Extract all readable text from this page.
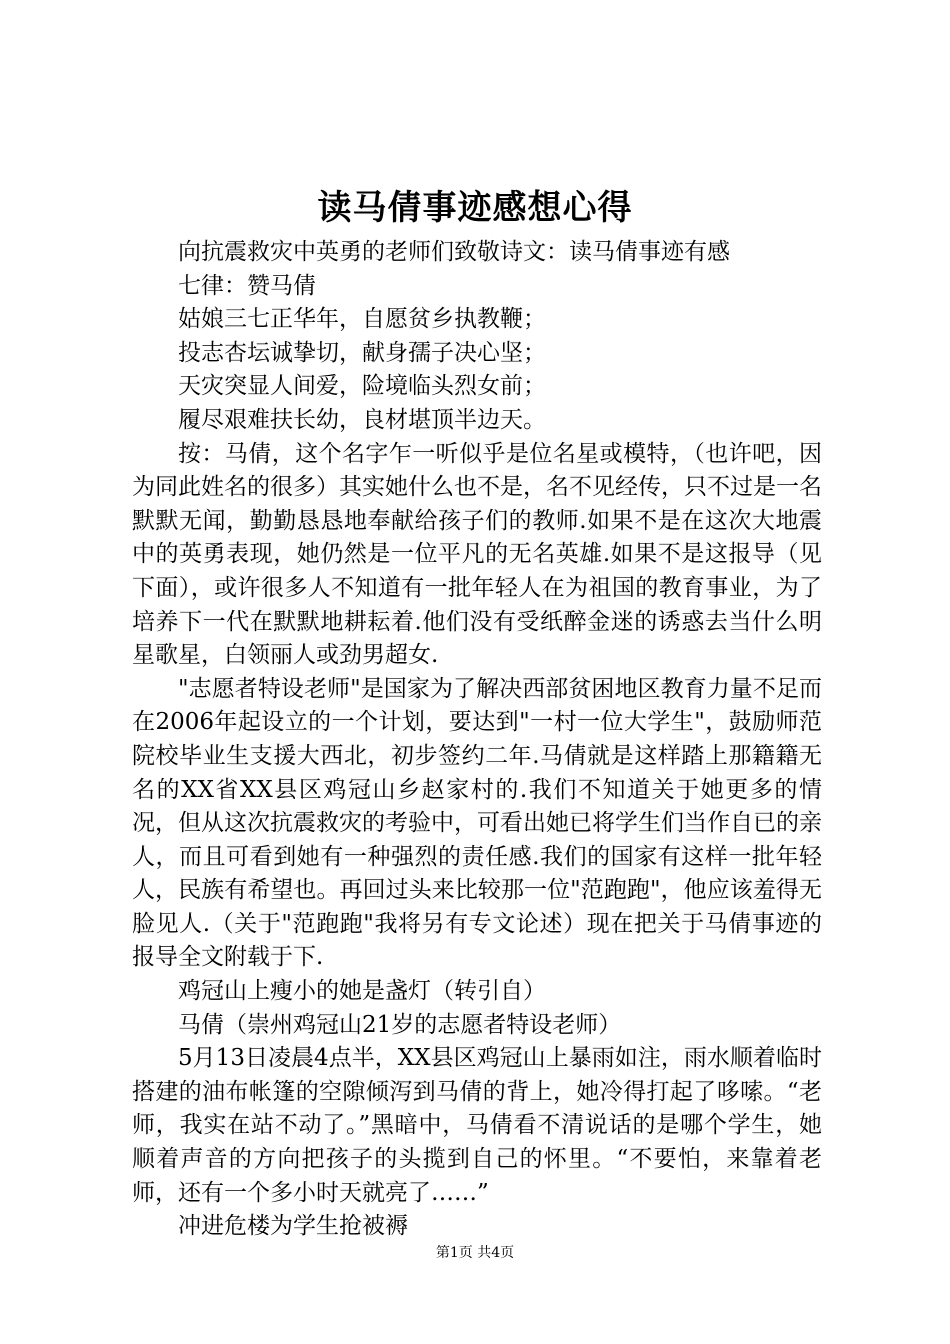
读马倩事迹感想心得

向抗震救灾中英勇的老师们致敬诗文：读马倩事迹有感

七律：赞马倩

姑娘三七正华年，自愿贫乡执教鞭；

投志杏坛诚挚切，献身孺子决心坚；

天灾突显人间爱，险境临头烈女前；

履尽艰难扶长幼，良材堪顶半边天。

按：马倩，这个名字乍一听似乎是位名星或模特，（也许吧，因为同此姓名的很多）其实她什么也不是，名不见经传，只不过是一名默默无闻，勤勤恳恳地奉献给孩子们的教师.如果不是在这次大地震中的英勇表现，她仍然是一位平凡的无名英雄.如果不是这报导（见下面），或许很多人不知道有一批年轻人在为祖国的教育事业，为了培养下一代在默默地耕耘着.他们没有受纸醉金迷的诱惑去当什么明星歌星，白领丽人或劲男超女.

"志愿者特设老师"是国家为了解决西部贫困地区教育力量不足而在2006年起设立的一个计划，要达到"一村一位大学生"，鼓励师范院校毕业生支援大西北，初步签约二年.马倩就是这样踏上那籍籍无名的XX省XX县区鸡冠山乡赵家村的.我们不知道关于她更多的情况，但从这次抗震救灾的考验中，可看出她已将学生们当作自已的亲人，而且可看到她有一种强烈的责任感.我们的国家有这样一批年轻人，民族有希望也。再回过头来比较那一位"范跑跑"，他应该羞得无脸见人.（关于"范跑跑"我将另有专文论述）现在把关于马倩事迹的报导全文附载于下.

鸡冠山上瘦小的她是盏灯（转引自）

马倩（崇州鸡冠山21岁的志愿者特设老师）

5月13日凌晨4点半，XX县区鸡冠山上暴雨如注，雨水顺着临时搭建的油布帐篷的空隙倾泻到马倩的背上，她冷得打起了哆嗦。“老师，我实在站不动了。”黑暗中，马倩看不清说话的是哪个学生，她顺着声音的方向把孩子的头揽到自己的怀里。“不要怕，来靠着老师，还有一个多小时天就亮了……”

冲进危楼为学生抢被褥

第1页 共4页
